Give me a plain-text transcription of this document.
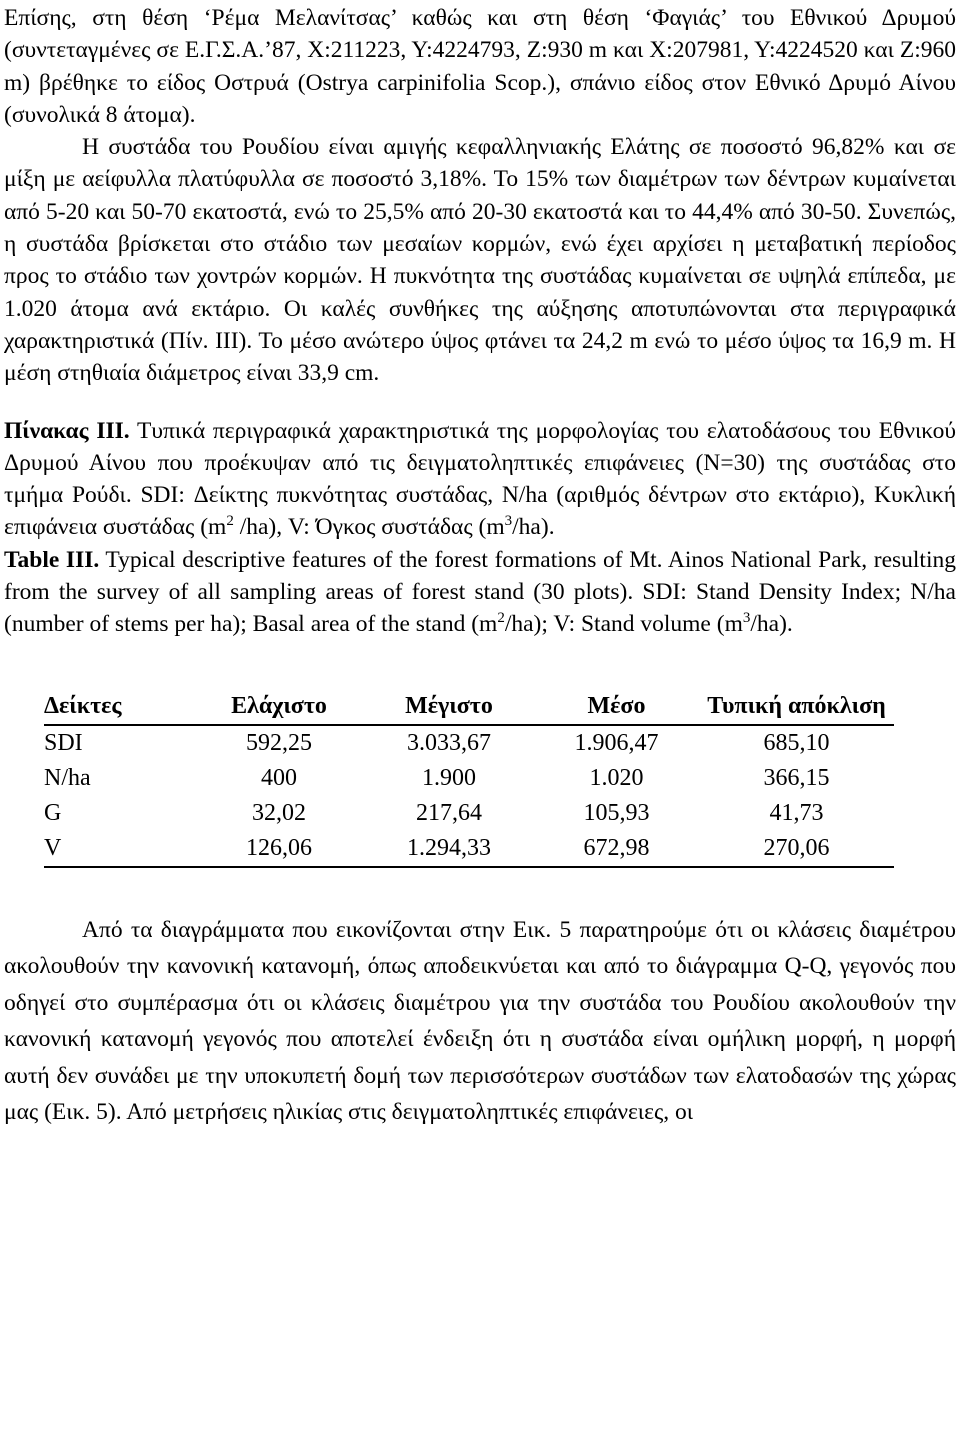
Επίσης, στη θέση ‘Ρέμα Μελανίτσας’ καθώς και στη θέση ‘Φαγιάς’ του Εθνικού Δρυμού (συντεταγμένες σε Ε.Γ.Σ.Α.’87, X:211223, Y:4224793, Z:930 m και X:207981, Y:4224520 και Z:960 m) βρέθηκε το είδος Οστρυά (Ostrya carpinifolia Scop.), σπάνιο είδος στον Εθνικό Δρυμό Αίνου (συνολικά 8 άτομα).

Η συστάδα του Ρουδίου είναι αμιγής κεφαλληνιακής Ελάτης σε ποσοστό 96,82% και σε μίξη με αείφυλλα πλατύφυλλα σε ποσοστό 3,18%. Το 15% των διαμέτρων των δέντρων κυμαίνεται από 5-20 και 50-70 εκατοστά, ενώ το 25,5% από 20-30 εκατοστά και το 44,4% από 30-50. Συνεπώς, η συστάδα βρίσκεται στο στάδιο των μεσαίων κορμών, ενώ έχει αρχίσει η μεταβατική περίοδος προς το στάδιο των χοντρών κορμών. Η πυκνότητα της συστάδας κυμαίνεται σε υψηλά επίπεδα, με 1.020 άτομα ανά εκτάριο. Οι καλές συνθήκες της αύξησης αποτυπώνονται στα περιγραφικά χαρακτηριστικά (Πίν. ΙΙΙ). Το μέσο ανώτερο ύψος φτάνει τα 24,2 m ενώ το μέσο ύψος τα 16,9 m. Η μέση στηθιαία διάμετρος είναι 33,9 cm.

Πίνακας ΙΙΙ. Τυπικά περιγραφικά χαρακτηριστικά της μορφολογίας του ελατοδάσους του Εθνικού Δρυμού Αίνου που προέκυψαν από τις δειγματοληπτικές επιφάνειες (N=30) της συστάδας στο τμήμα Ρούδι. SDI: Δείκτης πυκνότητας συστάδας, N/ha (αριθμός δέντρων στο εκτάριο), Κυκλική επιφάνεια συστάδας ($m^2$ /ha), V: Όγκος συστάδας $(m^3/ha)$.

Table III. Typical descriptive features of the forest formations of Mt. Ainos National Park, resulting from the survey of all sampling areas of forest stand (30 plots). SDI: Stand Density Index; N/ha (number of stems per ha); Basal area of the stand $(m^2/ha)$; V: Stand volume $(m^3/ha)$.

Δείκτες	Ελάχιστο	Μέγιστο	Μέσο	Τυπική απόκλιση
SDI	592,25	3.033,67	1.906,47	685,10
N/ha	400	1.900	1.020	366,15
G	32,02	217,64	105,93	41,73
V	126,06	1.294,33	672,98	270,06

Από τα διαγράμματα που εικονίζονται στην Εικ. 5 παρατηρούμε ότι οι κλάσεις διαμέτρου ακολουθούν την κανονική κατανομή, όπως αποδεικνύεται και από το διάγραμμα Q-Q, γεγονός που οδηγεί στο συμπέρασμα ότι οι κλάσεις διαμέτρου για την συστάδα του Ρουδίου ακολουθούν την κανονική κατανομή γεγονός που αποτελεί ένδειξη ότι η συστάδα είναι ομήλικη μορφή, η μορφή αυτή δεν συνάδει με την υποκυπετή δομή των περισσότερων συστάδων των ελατοδασών της χώρας μας (Εικ. 5). Από μετρήσεις ηλικίας στις δειγματοληπτικές επιφάνειες, οι
